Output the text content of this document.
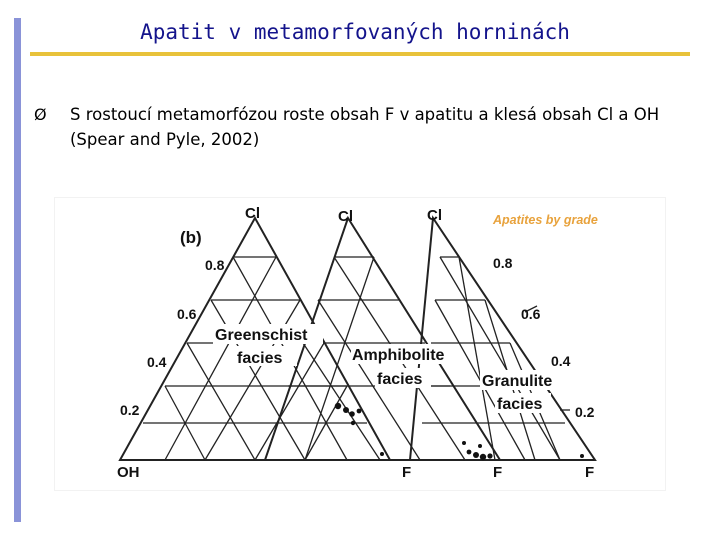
Apatit v metamorfovaných horninách
Ø S rostoucí metamorfózou roste obsah F v apatitu a klesá obsah Cl a OH (Spear and Pyle, 2002)
(b)
Apatites by grade
Cl	Cl	Cl
OH	F	F	F
0.8
0.6
0.4
0.2
0.8
0.6
0.4
0.2
Greenschist
facies	Amphibolite
facies	Granulite
facies
